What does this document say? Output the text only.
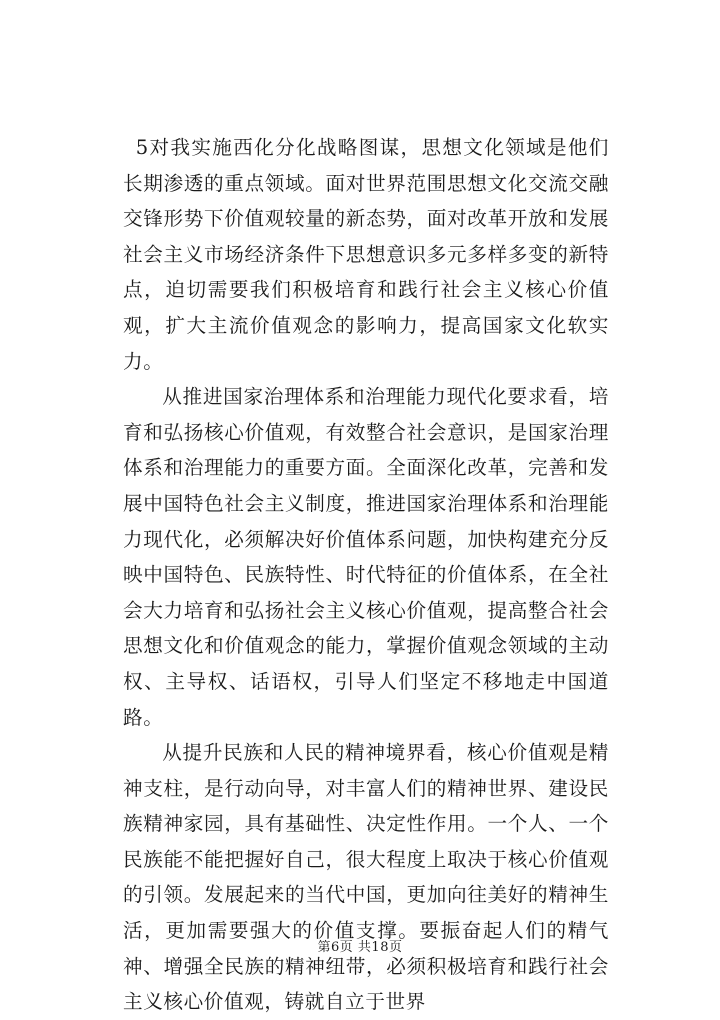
5对我实施西化分化战略图谋，思想文化领域是他们长期渗透的重点领域。面对世界范围思想文化交流交融交锋形势下价值观较量的新态势，面对改革开放和发展社会主义市场经济条件下思想意识多元多样多变的新特点，迫切需要我们积极培育和践行社会主义核心价值观，扩大主流价值观念的影响力，提高国家文化软实力。

从推进国家治理体系和治理能力现代化要求看，培育和弘扬核心价值观，有效整合社会意识，是国家治理体系和治理能力的重要方面。全面深化改革，完善和发展中国特色社会主义制度，推进国家治理体系和治理能力现代化，必须解决好价值体系问题，加快构建充分反映中国特色、民族特性、时代特征的价值体系，在全社会大力培育和弘扬社会主义核心价值观，提高整合社会思想文化和价值观念的能力，掌握价值观念领域的主动权、主导权、话语权，引导人们坚定不移地走中国道路。

从提升民族和人民的精神境界看，核心价值观是精神支柱，是行动向导，对丰富人们的精神世界、建设民族精神家园，具有基础性、决定性作用。一个人、一个民族能不能把握好自己，很大程度上取决于核心价值观的引领。发展起来的当代中国，更加向往美好的精神生活，更加需要强大的价值支撑。要振奋起人们的精气神、增强全民族的精神纽带，必须积极培育和践行社会主义核心价值观，铸就自立于世界

第6页 共18页
